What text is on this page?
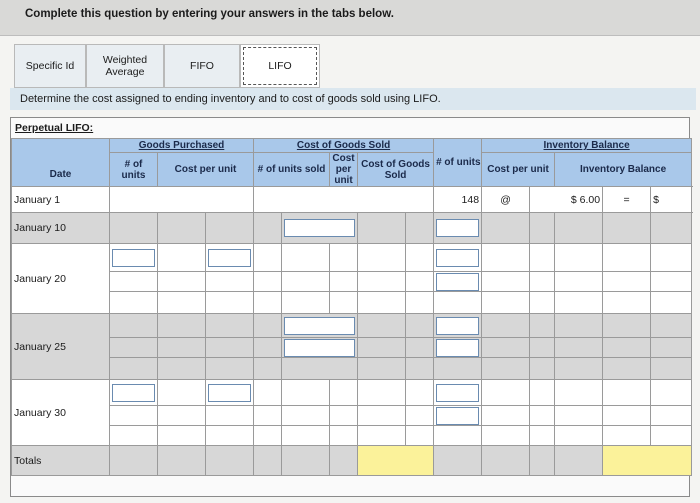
Complete this question by entering your answers in the tabs below.
Specific Id	Weighted Average	FIFO	LIFO
Determine the cost assigned to ending inventory and to cost of goods sold using LIFO.
Perpetual LIFO:
Date	Goods Purchased			Cost of Goods Sold					# of units	Inventory Balance					
	# of units	Cost per unit		# of units sold		Cost per unit	Cost of Goods Sold			Cost per unit		Inventory Balance			
January 1									148	@	$ 6.00		=	$	
January 10							

January 20		

January 25							

January 30		

Totals															
